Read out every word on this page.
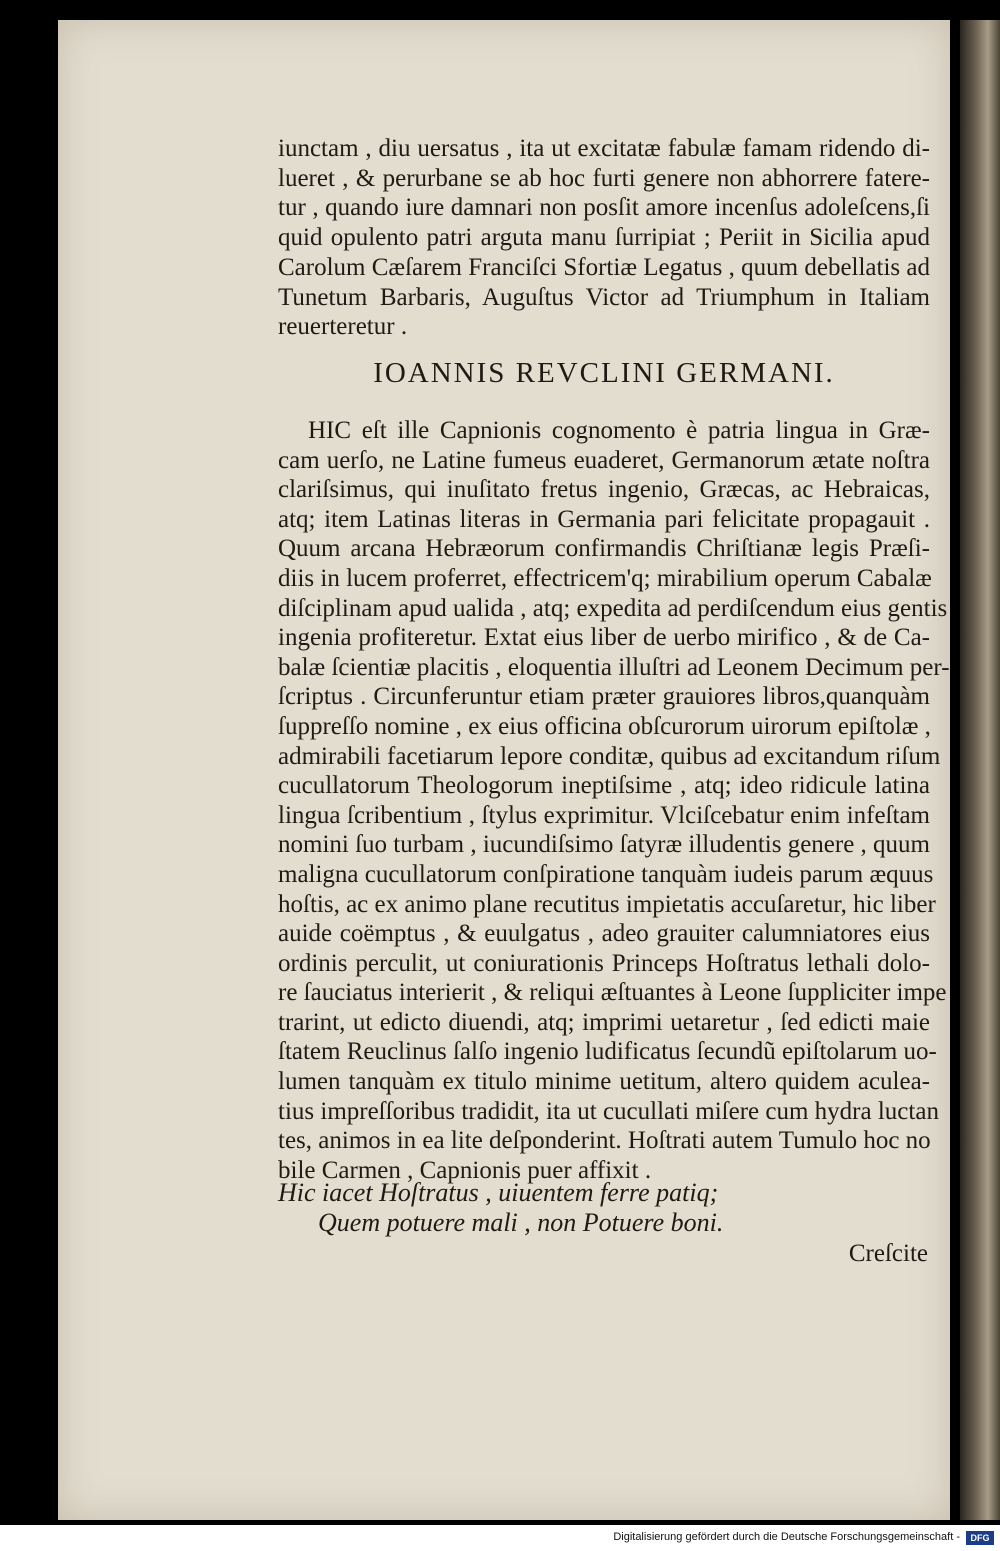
iunctam , diu uersatus , ita ut excitatæ fabulæ famam ridendo di-
lueret , & perurbane se ab hoc furti genere non abhorrere fatere-
tur , quando iure damnari non posſit amore incenſus adoleſcens,ſi
quid opulento patri arguta manu ſurripiat ; Periit in Sicilia apud
Carolum Cæſarem Franciſci Sfortiæ Legatus , quum debellatis ad
Tunetum Barbaris, Auguſtus Victor ad Triumphum in Italiam
reuerteretur .
IOANNIS REVCLINI GERMANI.
HIC eſt ille Capnionis cognomento è patria lingua in Græ-
cam uerſo, ne Latine fumeus euaderet, Germanorum ætate noſtra
clariſsimus, qui inuſitato fretus ingenio, Græcas, ac Hebraicas,
atq; item Latinas literas in Germania pari felicitate propagauit .
Quum arcana Hebræorum confirmandis Chriſtianæ legis Præſi-
diis in lucem proferret, effectricem'q; mirabilium operum Cabalæ
diſciplinam apud ualida , atq; expedita ad perdiſcendum eius gentis
ingenia profiteretur. Extat eius liber de uerbo mirifico , & de Ca-
balæ ſcientiæ placitis , eloquentia illuſtri ad Leonem Decimum per-
ſcriptus . Circunferuntur etiam præter grauiores libros,quanquàm
ſuppreſſo nomine , ex eius officina obſcurorum uirorum epiſtolæ ,
admirabili facetiarum lepore conditæ, quibus ad excitandum riſum
cucullatorum Theologorum ineptiſsime , atq; ideo ridicule latina
lingua ſcribentium , ſtylus exprimitur. Vlciſcebatur enim infeſtam
nomini ſuo turbam , iucundiſsimo ſatyræ illudentis genere , quum
maligna cucullatorum conſpiratione tanquàm iudeis parum æquus
hoſtis, ac ex animo plane recutitus impietatis accuſaretur, hic liber
auide coëmptus , & euulgatus , adeo grauiter calumniatores eius
ordinis perculit, ut coniurationis Princeps Hoſtratus lethali dolo-
re ſauciatus interierit , & reliqui æſtuantes à Leone ſuppliciter impe
trarint, ut edicto diuendi, atq; imprimi uetaretur , ſed edicti maie
ſtatem Reuclinus ſalſo ingenio ludificatus ſecundũ epiſtolarum uo-
lumen tanquàm ex titulo minime uetitum, altero quidem aculea-
tius impreſſoribus tradidit, ita ut cucullati miſere cum hydra luctan
tes, animos in ea lite deſponderint. Hoſtrati autem Tumulo hoc no
bile Carmen , Capnionis puer affixit .
Hic iacet Hoſtratus , uiuentem ferre patiq;
Quem potuere mali , non Potuere boni.
Creſcite
Digitalisierung gefördert durch die Deutsche Forschungsgemeinschaft -	DFG
